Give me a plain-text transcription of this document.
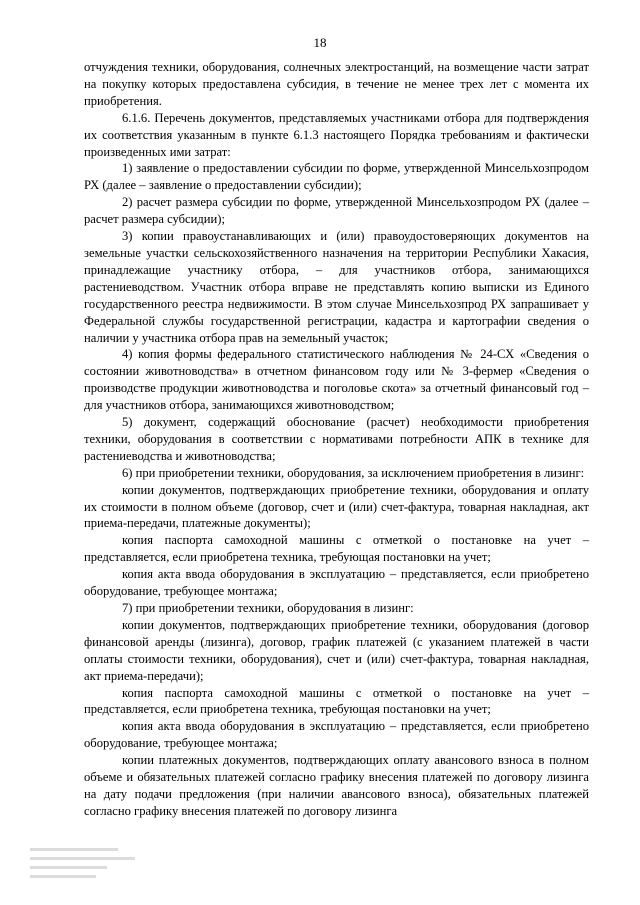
18

отчуждения техники, оборудования, солнечных электростанций, на возмещение части затрат на покупку которых предоставлена субсидия, в течение не менее трех лет с момента их приобретения.

6.1.6. Перечень документов, представляемых участниками отбора для подтверждения их соответствия указанным в пункте 6.1.3 настоящего Порядка требованиям и фактически произведенных ими затрат:

1) заявление о предоставлении субсидии по форме, утвержденной Минсельхозпродом РХ (далее – заявление о предоставлении субсидии);

2) расчет размера субсидии по форме, утвержденной Минсельхозпродом РХ (далее – расчет размера субсидии);

3) копии правоустанавливающих и (или) правоудостоверяющих документов на земельные участки сельскохозяйственного назначения на территории Республики Хакасия, принадлежащие участнику отбора, – для участников отбора, занимающихся растениеводством. Участник отбора вправе не представлять копию выписки из Единого государственного реестра недвижимости. В этом случае Минсельхозпрод РХ запрашивает у Федеральной службы государственной регистрации, кадастра и картографии сведения о наличии у участника отбора прав на земельный участок;

4) копия формы федерального статистического наблюдения № 24-СХ «Сведения о состоянии животноводства» в отчетном финансовом году или № 3-фермер «Сведения о производстве продукции животноводства и поголовье скота» за отчетный финансовый год – для участников отбора, занимающихся животноводством;

5) документ, содержащий обоснование (расчет) необходимости приобретения техники, оборудования в соответствии с нормативами потребности АПК в технике для растениеводства и животноводства;

6) при приобретении техники, оборудования, за исключением приобретения в лизинг:

копии документов, подтверждающих приобретение техники, оборудования и оплату их стоимости в полном объеме (договор, счет и (или) счет-фактура, товарная накладная, акт приема-передачи, платежные документы);

копия паспорта самоходной машины с отметкой о постановке на учет – представляется, если приобретена техника, требующая постановки на учет;

копия акта ввода оборудования в эксплуатацию – представляется, если приобретено оборудование, требующее монтажа;

7) при приобретении техники, оборудования в лизинг:

копии документов, подтверждающих приобретение техники, оборудования (договор финансовой аренды (лизинга), договор, график платежей (с указанием платежей в части оплаты стоимости техники, оборудования), счет и (или) счет-фактура, товарная накладная, акт приема-передачи);

копия паспорта самоходной машины с отметкой о постановке на учет – представляется, если приобретена техника, требующая постановки на учет;

копия акта ввода оборудования в эксплуатацию – представляется, если приобретено оборудование, требующее монтажа;

копии платежных документов, подтверждающих оплату авансового взноса в полном объеме и обязательных платежей согласно графику внесения платежей по договору лизинга на дату подачи предложения (при наличии авансового взноса), обязательных платежей согласно графику внесения платежей по договору лизинга
